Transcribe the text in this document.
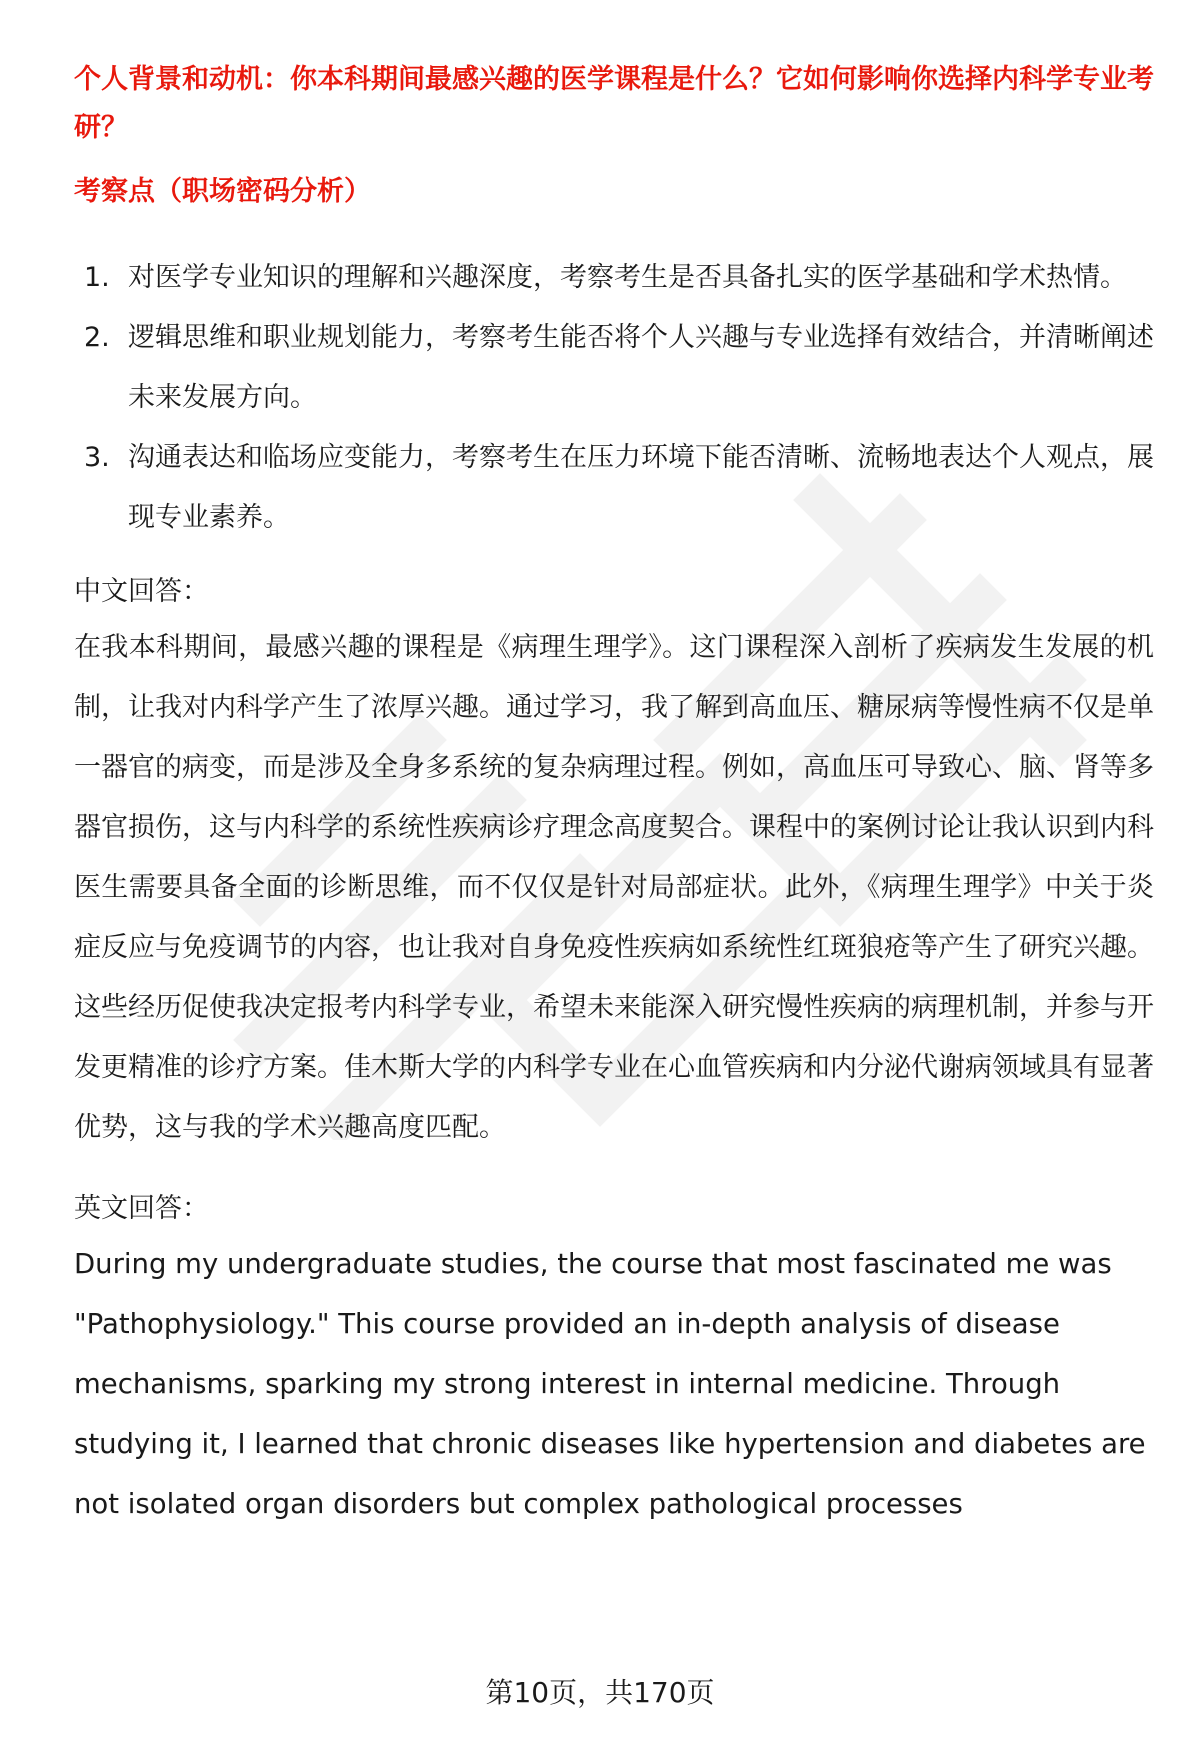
个人背景和动机：你本科期间最感兴趣的医学课程是什么？它如何影响你选择内科学专业考研？
考察点（职场密码分析）
1. 对医学专业知识的理解和兴趣深度，考察考生是否具备扎实的医学基础和学术热情。
2. 逻辑思维和职业规划能力，考察考生能否将个人兴趣与专业选择有效结合，并清晰阐述未来发展方向。
3. 沟通表达和临场应变能力，考察考生在压力环境下能否清晰、流畅地表达个人观点，展现专业素养。

中文回答：

在我本科期间，最感兴趣的课程是《病理生理学》。这门课程深入剖析了疾病发生发展的机制，让我对内科学产生了浓厚兴趣。通过学习，我了解到高血压、糖尿病等慢性病不仅是单一器官的病变，而是涉及全身多系统的复杂病理过程。例如，高血压可导致心、脑、肾等多器官损伤，这与内科学的系统性疾病诊疗理念高度契合。课程中的案例讨论让我认识到内科医生需要具备全面的诊断思维，而不仅仅是针对局部症状。此外，《病理生理学》中关于炎症反应与免疫调节的内容，也让我对自身免疫性疾病如系统性红斑狼疮等产生了研究兴趣。这些经历促使我决定报考内科学专业，希望未来能深入研究慢性疾病的病理机制，并参与开发更精准的诊疗方案。佳木斯大学的内科学专业在心血管疾病和内分泌代谢病领域具有显著优势，这与我的学术兴趣高度匹配。

英文回答：

During my undergraduate studies, the course that most fascinated me was "Pathophysiology." This course provided an in-depth analysis of disease mechanisms, sparking my strong interest in internal medicine. Through studying it, I learned that chronic diseases like hypertension and diabetes are not isolated organ disorders but complex pathological processes

第10页，共170页
